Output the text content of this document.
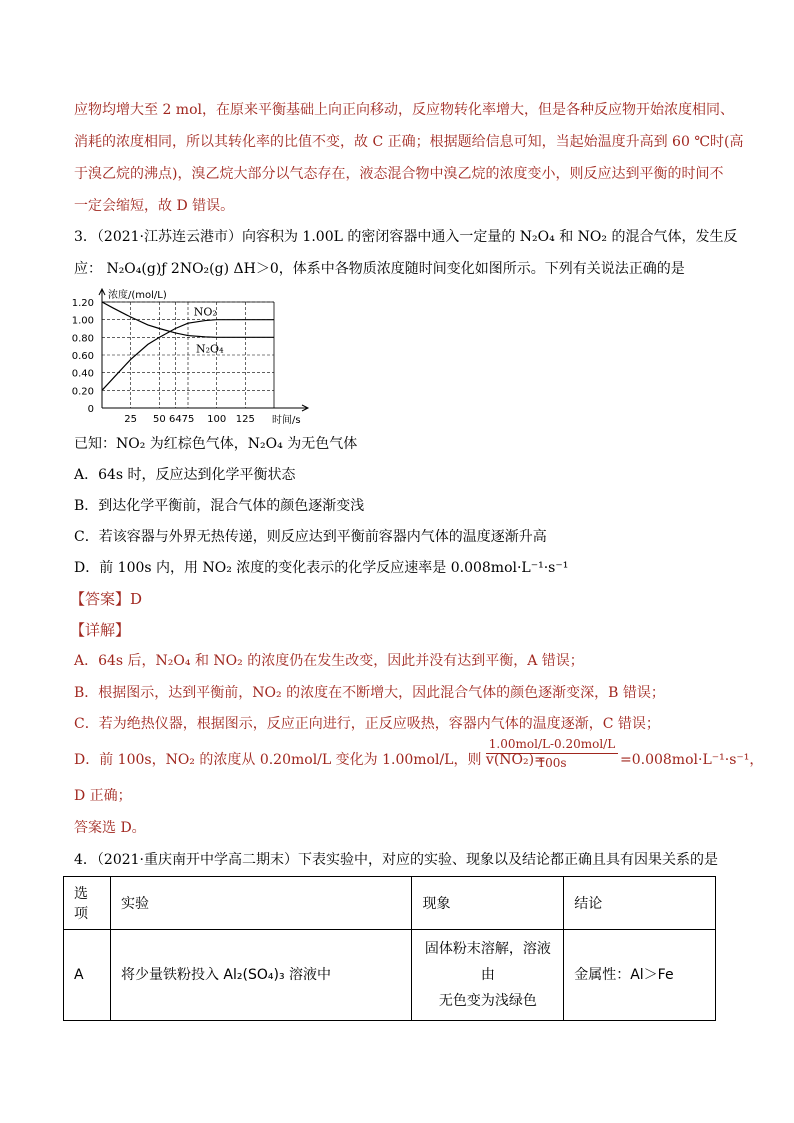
应物均增大至 2 mol，在原来平衡基础上向正向移动，反应物转化率增大，但是各种反应物开始浓度相同、
消耗的浓度相同，所以其转化率的比值不变，故 C 正确；根据题给信息可知，当起始温度升高到 60 ℃时(高
于溴乙烷的沸点)，溴乙烷大部分以气态存在，液态混合物中溴乙烷的浓度变小，则反应达到平衡的时间不
一定会缩短，故 D 错误。
3．（2021·江苏连云港市）向容积为 1.00L 的密闭容器中通入一定量的 N₂O₄ 和 NO₂ 的混合气体，发生反
应： N₂O₄(g)ƒ 2NO₂(g) ΔH＞0，体系中各物质浓度随时间变化如图所示。下列有关说法正确的是
0
0.20
0.40
0.60
0.80
1.00
1.20
25 50 64 75 100 125
浓度/(mol/L)
时间/s
NO₂
N₂O₄
已知：NO₂ 为红棕色气体，N₂O₄ 为无色气体
A．64s 时，反应达到化学平衡状态
B．到达化学平衡前，混合气体的颜色逐渐变浅
C．若该容器与外界无热传递，则反应达到平衡前容器内气体的温度逐渐升高
D．前 100s 内，用 NO₂ 浓度的变化表示的化学反应速率是 0.008mol·L⁻¹·s⁻¹
【答案】D
【详解】
A．64s 后，N₂O₄ 和 NO₂ 的浓度仍在发生改变，因此并没有达到平衡，A 错误；
B．根据图示，达到平衡前，NO₂ 的浓度在不断增大，因此混合气体的颜色逐渐变深，B 错误；
C．若为绝热仪器，根据图示，反应正向进行，正反应吸热，容器内气体的温度逐渐，C 错误；
D．前 100s，NO₂ 的浓度从 0.20mol/L 变化为 1.00mol/L，则 v(NO₂)=
1.00mol/L-0.20mol/L
100s	=0.008mol·L⁻¹·s⁻¹，
D 正确；
答案选 D。
4．（2021·重庆南开中学高二期末）下表实验中，对应的实验、现象以及结论都正确且具有因果关系的是
选项	实验	现象	结论
A	将少量铁粉投入 Al₂(SO₄)₃ 溶液中	固体粉末溶解，溶液由
无色变为浅绿色	金属性：Al＞Fe
